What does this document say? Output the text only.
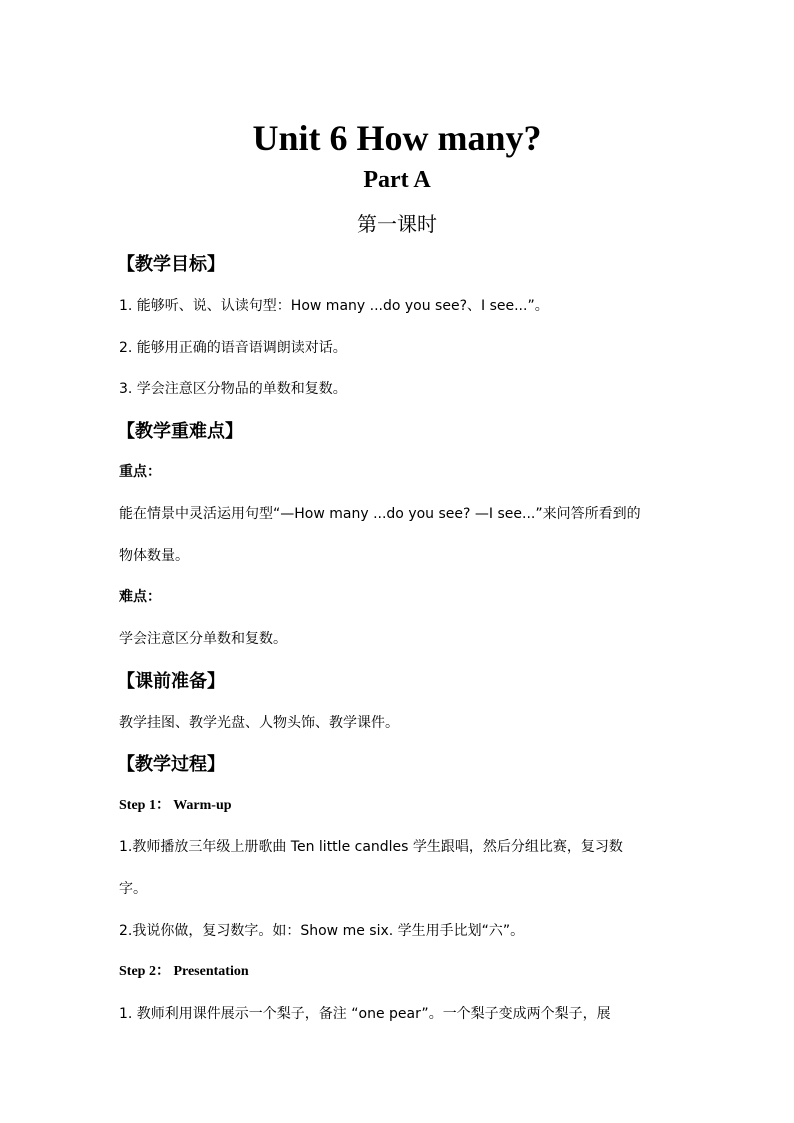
Unit 6 How many?
Part A
第一课时
【教学目标】
1. 能够听、说、认读句型：How many ...do you see?、I see...”。
2. 能够用正确的语音语调朗读对话。
3. 学会注意区分物品的单数和复数。
【教学重难点】
重点：
能在情景中灵活运用句型“—How many ...do you see? —I see...”来问答所看到的
物体数量。
难点：
学会注意区分单数和复数。
【课前准备】
教学挂图、教学光盘、人物头饰、教学课件。
【教学过程】
Step 1： Warm-up
1.教师播放三年级上册歌曲 Ten little candles 学生跟唱，然后分组比赛，复习数
字。
2.我说你做，复习数字。如：Show me six. 学生用手比划“六”。
Step 2： Presentation
1. 教师利用课件展示一个梨子，备注 “one pear”。一个梨子变成两个梨子，展
